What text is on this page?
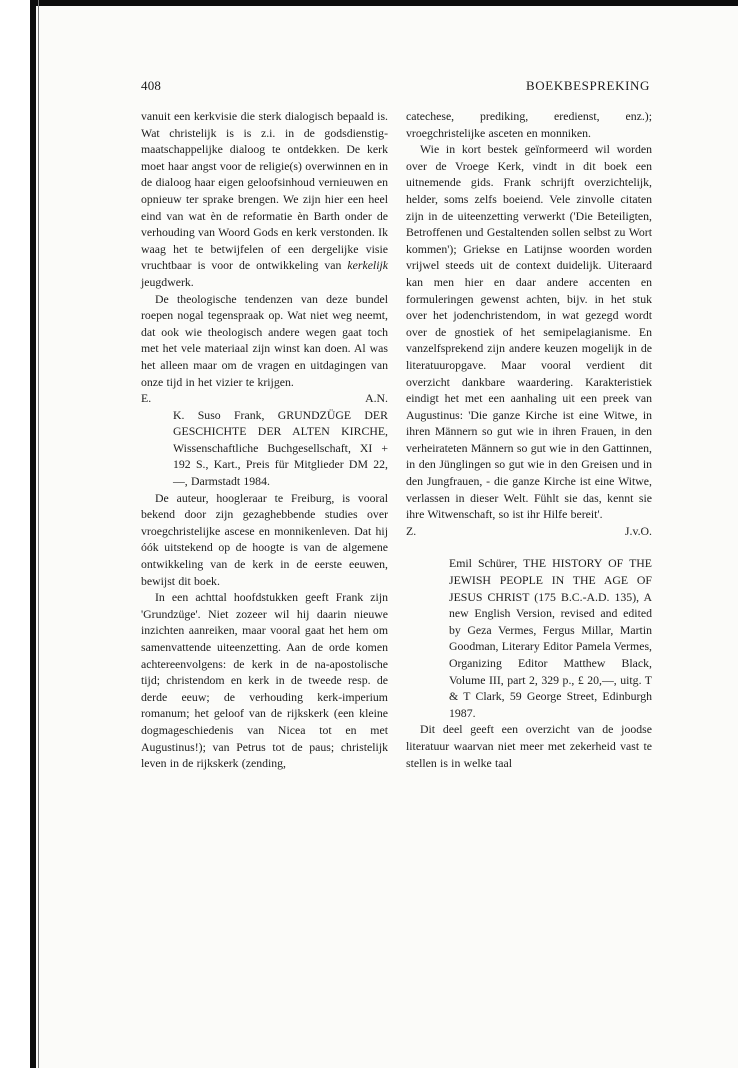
408	BOEKBESPREKING

vanuit een kerkvisie die sterk dialogisch bepaald is. Wat christelijk is is z.i. in de godsdienstig-maatschappelijke dialoog te ontdekken. De kerk moet haar angst voor de religie(s) overwinnen en in de dialoog haar eigen geloofsinhoud vernieuwen en opnieuw ter sprake brengen. We zijn hier een heel eind van wat èn de reformatie èn Barth onder de verhouding van Woord Gods en kerk verstonden. Ik waag het te betwijfelen of een dergelijke visie vruchtbaar is voor de ontwikkeling van kerkelijk jeugdwerk.

De theologische tendenzen van deze bundel roepen nogal tegenspraak op. Wat niet weg neemt, dat ook wie theologisch andere wegen gaat toch met het vele materiaal zijn winst kan doen. Al was het alleen maar om de vragen en uitdagingen van onze tijd in het vizier te krijgen.

E.	A.N.

K. Suso Frank, GRUNDZÜGE DER GESCHICHTE DER ALTEN KIRCHE, Wissenschaftliche Buchgesellschaft, XI + 192 S., Kart., Preis für Mitglieder DM 22,—, Darmstadt 1984.

De auteur, hoogleraar te Freiburg, is vooral bekend door zijn gezaghebbende studies over vroegchristelijke ascese en monnikenleven. Dat hij óók uitstekend op de hoogte is van de algemene ontwikkeling van de kerk in de eerste eeuwen, bewijst dit boek.

In een achttal hoofdstukken geeft Frank zijn 'Grundzüge'. Niet zozeer wil hij daarin nieuwe inzichten aanreiken, maar vooral gaat het hem om samenvattende uiteenzetting. Aan de orde komen achtereenvolgens: de kerk in de na-apostolische tijd; christendom en kerk in de tweede resp. de derde eeuw; de verhouding kerk-imperium romanum; het geloof van de rijkskerk (een kleine dogmageschiedenis van Nicea tot en met Augustinus!); van Petrus tot de paus; christelijk leven in de rijkskerk (zending,

catechese, prediking, eredienst, enz.); vroegchristelijke asceten en monniken.

Wie in kort bestek geïnformeerd wil worden over de Vroege Kerk, vindt in dit boek een uitnemende gids. Frank schrijft overzichtelijk, helder, soms zelfs boeiend. Vele zinvolle citaten zijn in de uiteenzetting verwerkt ('Die Beteiligten, Betroffenen und Gestaltenden sollen selbst zu Wort kommen'); Griekse en Latijnse woorden worden vrijwel steeds uit de context duidelijk. Uiteraard kan men hier en daar andere accenten en formuleringen gewenst achten, bijv. in het stuk over het jodenchristendom, in wat gezegd wordt over de gnostiek of het semipelagianisme. En vanzelfsprekend zijn andere keuzen mogelijk in de literatuuropgave. Maar vooral verdient dit overzicht dankbare waardering. Karakteristiek eindigt het met een aanhaling uit een preek van Augustinus: 'Die ganze Kirche ist eine Witwe, in ihren Männern so gut wie in ihren Frauen, in den verheirateten Männern so gut wie in den Gattinnen, in den Jünglingen so gut wie in den Greisen und in den Jungfrauen, - die ganze Kirche ist eine Witwe, verlassen in dieser Welt. Fühlt sie das, kennt sie ihre Witwenschaft, so ist ihr Hilfe bereit'.

Z.	J.v.O.

Emil Schürer, THE HISTORY OF THE JEWISH PEOPLE IN THE AGE OF JESUS CHRIST (175 B.C.-A.D. 135), A new English Version, revised and edited by Geza Vermes, Fergus Millar, Martin Goodman, Literary Editor Pamela Vermes, Organizing Editor Matthew Black, Volume III, part 2, 329 p., £ 20,—, uitg. T & T Clark, 59 George Street, Edinburgh 1987.

Dit deel geeft een overzicht van de joodse literatuur waarvan niet meer met zekerheid vast te stellen is in welke taal
